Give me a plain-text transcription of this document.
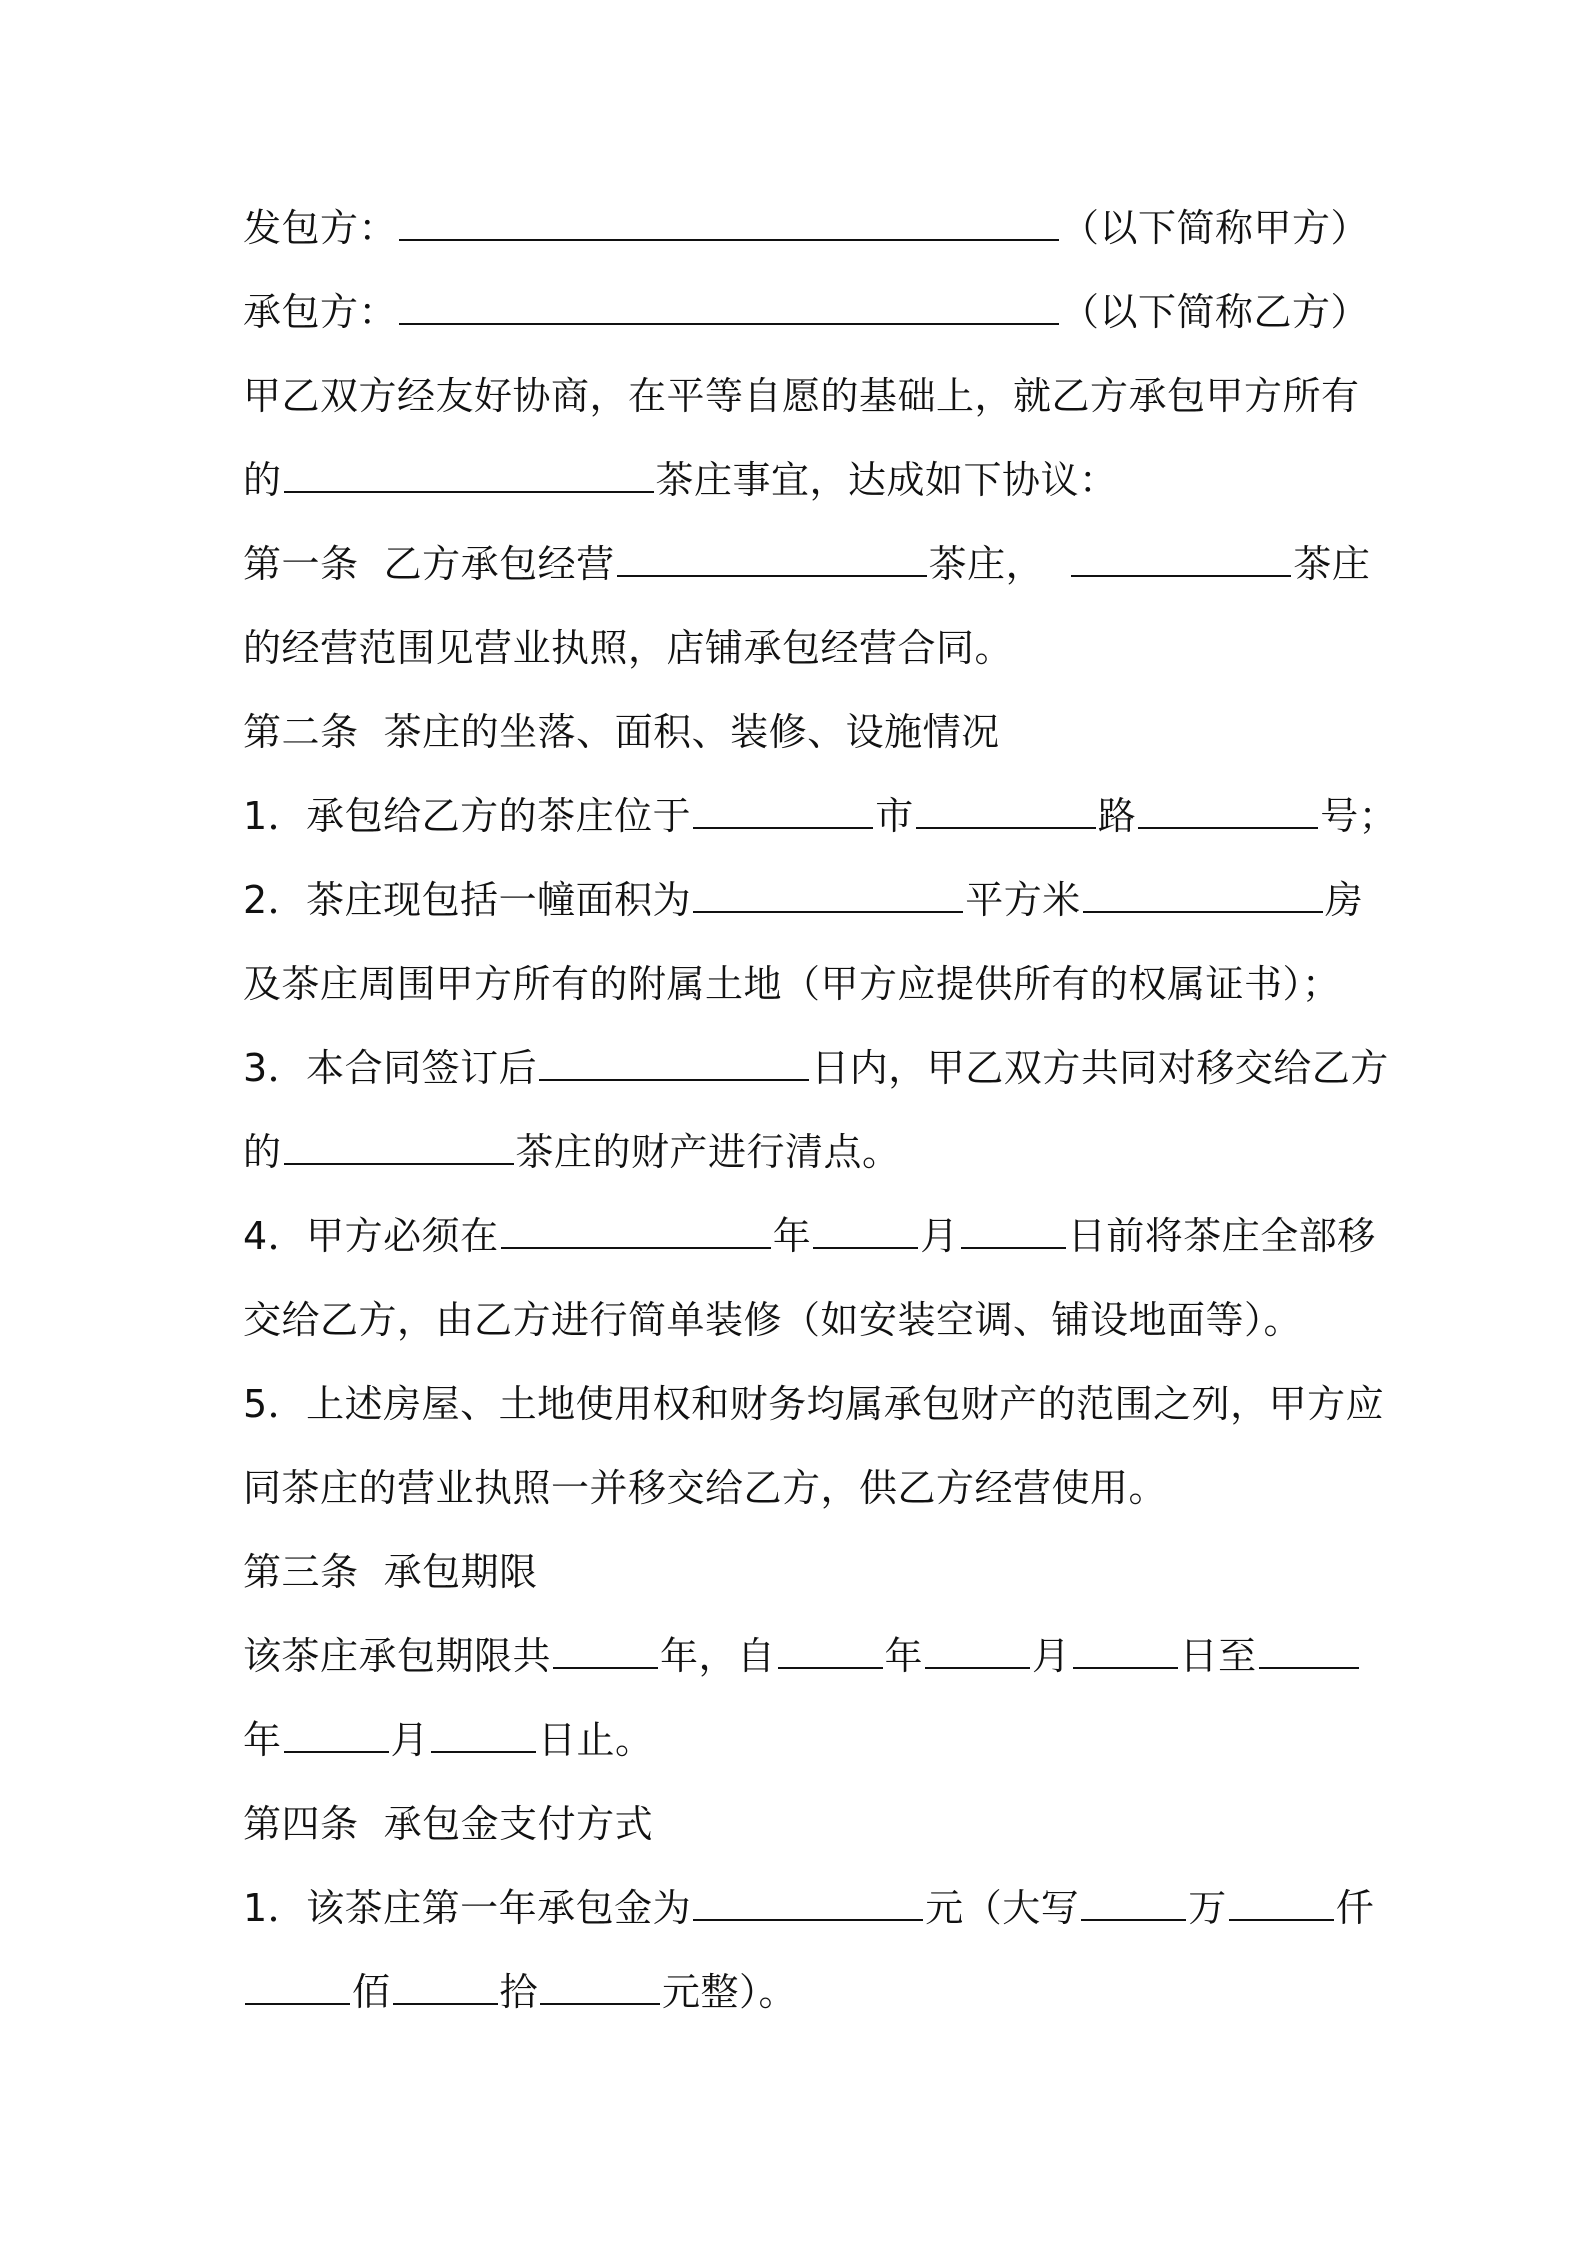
发包方：	（以下简称甲方）
承包方：	（以下简称乙方）
甲乙双方经友好协商，在平等自愿的基础上，就乙方承包甲方所有
的	茶庄事宜，达成如下协议：
第一条  乙方承包经营	茶庄，	茶庄
的经营范围见营业执照，店铺承包经营合同。
第二条  茶庄的坐落、面积、装修、设施情况
1．承包给乙方的茶庄位于	市	路	号；
2．茶庄现包括一幢面积为	平方米	房
及茶庄周围甲方所有的附属土地（甲方应提供所有的权属证书）；
3．本合同签订后	日内，甲乙双方共同对移交给乙方
的	茶庄的财产进行清点。
4．甲方必须在	年	月	日前将茶庄全部移
交给乙方，由乙方进行简单装修（如安装空调、铺设地面等）。
5．上述房屋、土地使用权和财务均属承包财产的范围之列，甲方应
同茶庄的营业执照一并移交给乙方，供乙方经营使用。
第三条  承包期限
该茶庄承包期限共	年，自	年	月	日至
年	月	日止。
第四条  承包金支付方式
1．该茶庄第一年承包金为	元（大写	万	仟
佰	拾	元整）。
